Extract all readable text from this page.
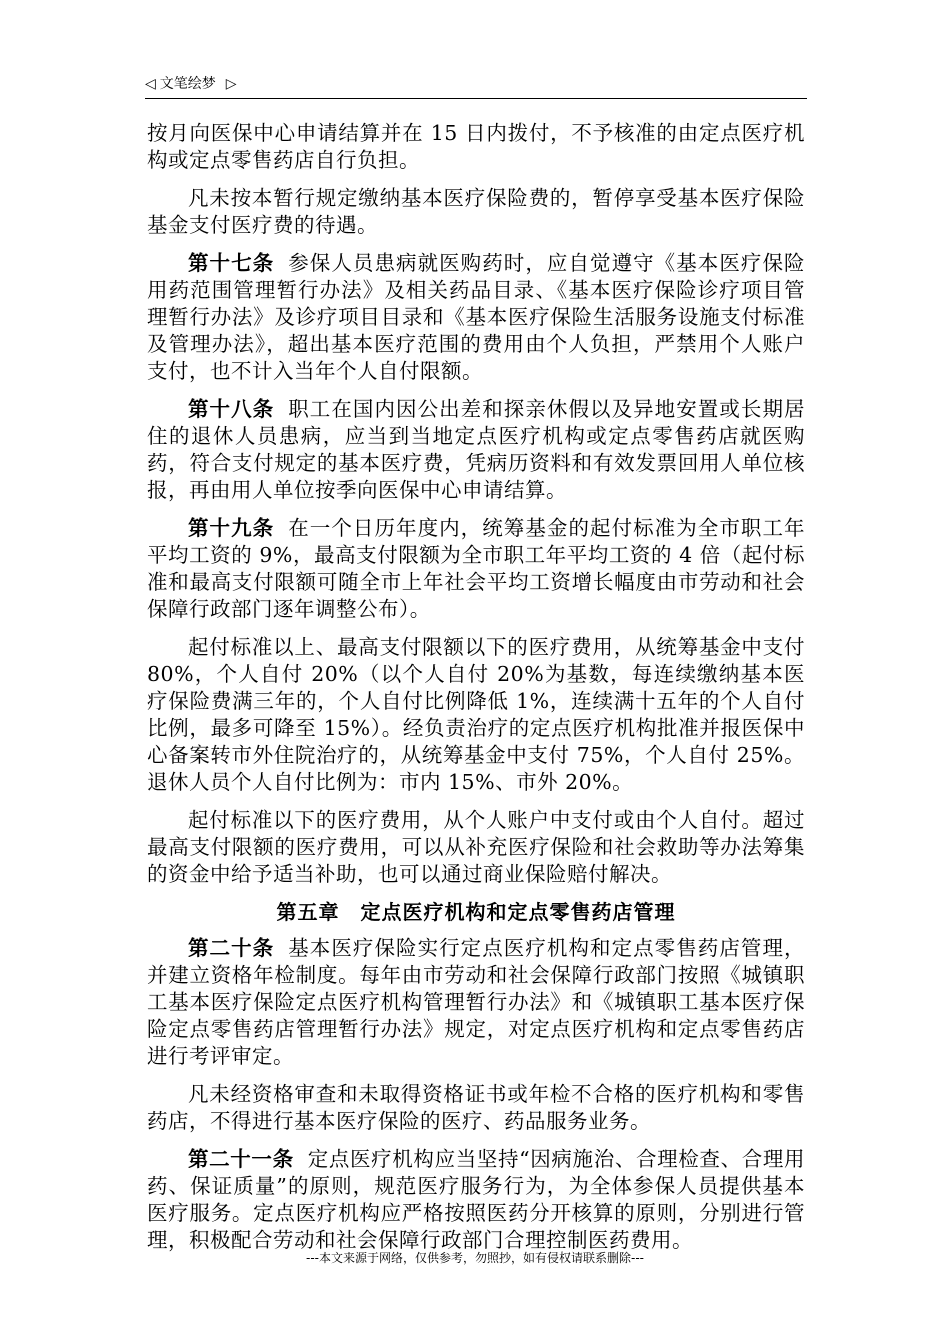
◁ 文笔绘梦 ▷

按月向医保中心申请结算并在 15 日内拨付，不予核准的由定点医疗机构或定点零售药店自行负担。

凡未按本暂行规定缴纳基本医疗保险费的，暂停享受基本医疗保险基金支付医疗费的待遇。

第十七条 参保人员患病就医购药时，应自觉遵守《基本医疗保险用药范围管理暂行办法》及相关药品目录、《基本医疗保险诊疗项目管理暂行办法》及诊疗项目目录和《基本医疗保险生活服务设施支付标准及管理办法》，超出基本医疗范围的费用由个人负担，严禁用个人账户支付，也不计入当年个人自付限额。

第十八条 职工在国内因公出差和探亲休假以及异地安置或长期居住的退休人员患病，应当到当地定点医疗机构或定点零售药店就医购药，符合支付规定的基本医疗费，凭病历资料和有效发票回用人单位核报，再由用人单位按季向医保中心申请结算。

第十九条 在一个日历年度内，统筹基金的起付标准为全市职工年平均工资的 9%，最高支付限额为全市职工年平均工资的 4 倍（起付标准和最高支付限额可随全市上年社会平均工资增长幅度由市劳动和社会保障行政部门逐年调整公布）。

起付标准以上、最高支付限额以下的医疗费用，从统筹基金中支付 80%，个人自付 20%（以个人自付 20%为基数，每连续缴纳基本医疗保险费满三年的，个人自付比例降低 1%，连续满十五年的个人自付比例，最多可降至 15%）。经负责治疗的定点医疗机构批准并报医保中心备案转市外住院治疗的，从统筹基金中支付 75%，个人自付 25%。退休人员个人自付比例为：市内 15%、市外 20%。

起付标准以下的医疗费用，从个人账户中支付或由个人自付。超过最高支付限额的医疗费用，可以从补充医疗保险和社会救助等办法筹集的资金中给予适当补助，也可以通过商业保险赔付解决。

第五章　定点医疗机构和定点零售药店管理

第二十条 基本医疗保险实行定点医疗机构和定点零售药店管理，并建立资格年检制度。每年由市劳动和社会保障行政部门按照《城镇职工基本医疗保险定点医疗机构管理暂行办法》和《城镇职工基本医疗保险定点零售药店管理暂行办法》规定，对定点医疗机构和定点零售药店进行考评审定。

凡未经资格审查和未取得资格证书或年检不合格的医疗机构和零售药店，不得进行基本医疗保险的医疗、药品服务业务。

第二十一条 定点医疗机构应当坚持“因病施治、合理检查、合理用药、保证质量”的原则，规范医疗服务行为，为全体参保人员提供基本医疗服务。定点医疗机构应严格按照医药分开核算的原则，分别进行管理，积极配合劳动和社会保障行政部门合理控制医药费用。

---本文来源于网络，仅供参考，勿照抄，如有侵权请联系删除---
